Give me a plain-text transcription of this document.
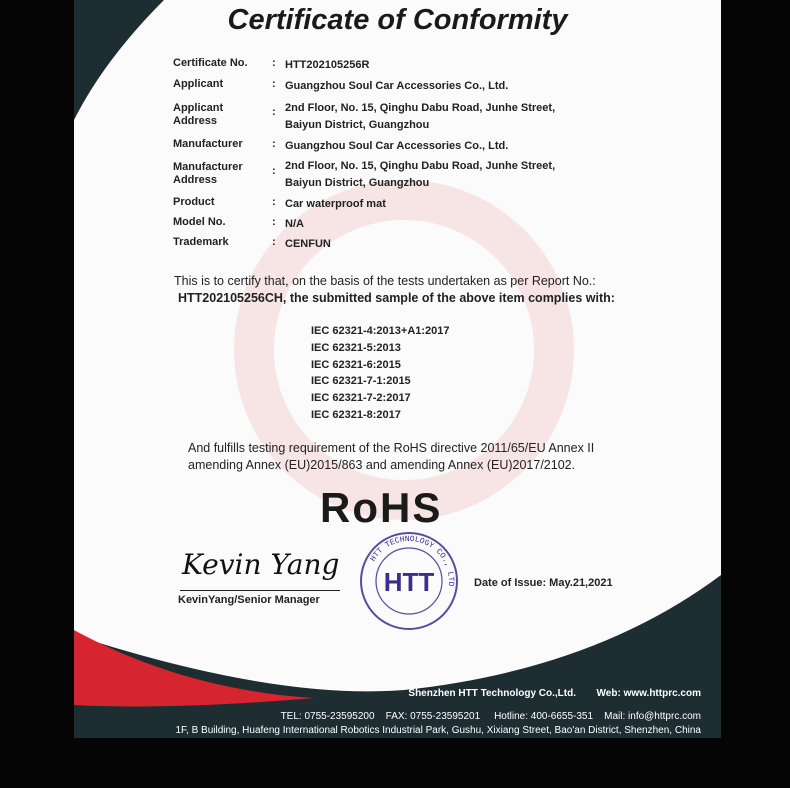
Certificate of Conformity
Certificate No.	: HTT202105256R
Applicant	: Guangzhou Soul Car Accessories Co., Ltd.
Applicant Address
: 2nd Floor, No. 15, Qinghu Dabu Road, Junhe Street,
Baiyun District, Guangzhou
Manufacturer	: Guangzhou Soul Car Accessories Co., Ltd.
Manufacturer Address
: 2nd Floor, No. 15, Qinghu Dabu Road, Junhe Street,
Baiyun District, Guangzhou
Product	: Car waterproof mat
Model No.	: N/A
Trademark	: CENFUN
This is to certify that, on the basis of the tests undertaken as per Report No.:
HTT202105256CH, the submitted sample of the above item complies with:
IEC 62321-4:2013+A1:2017
IEC 62321-5:2013
IEC 62321-6:2015
IEC 62321-7-1:2015
IEC 62321-7-2:2017
IEC 62321-8:2017
And fulfills testing requirement of the RoHS directive 2011/65/EU Annex II
amending Annex (EU)2015/863 and amending Annex (EU)2017/2102.
RoHS
Kevin Yang
KevinYang/Senior Manager
HTT TECHNOLOGY CO., LTD
HTT	Date of Issue: May.21,2021
Shenzhen HTT Technology Co.,Ltd. Web: www.httprc.com
TEL: 0755-23595200    FAX: 0755-23595201     Hotline: 400-6655-351    Mail: info@httprc.com
1F, B Building, Huafeng International Robotics Industrial Park, Gushu, Xixiang Street, Bao'an District, Shenzhen, China
